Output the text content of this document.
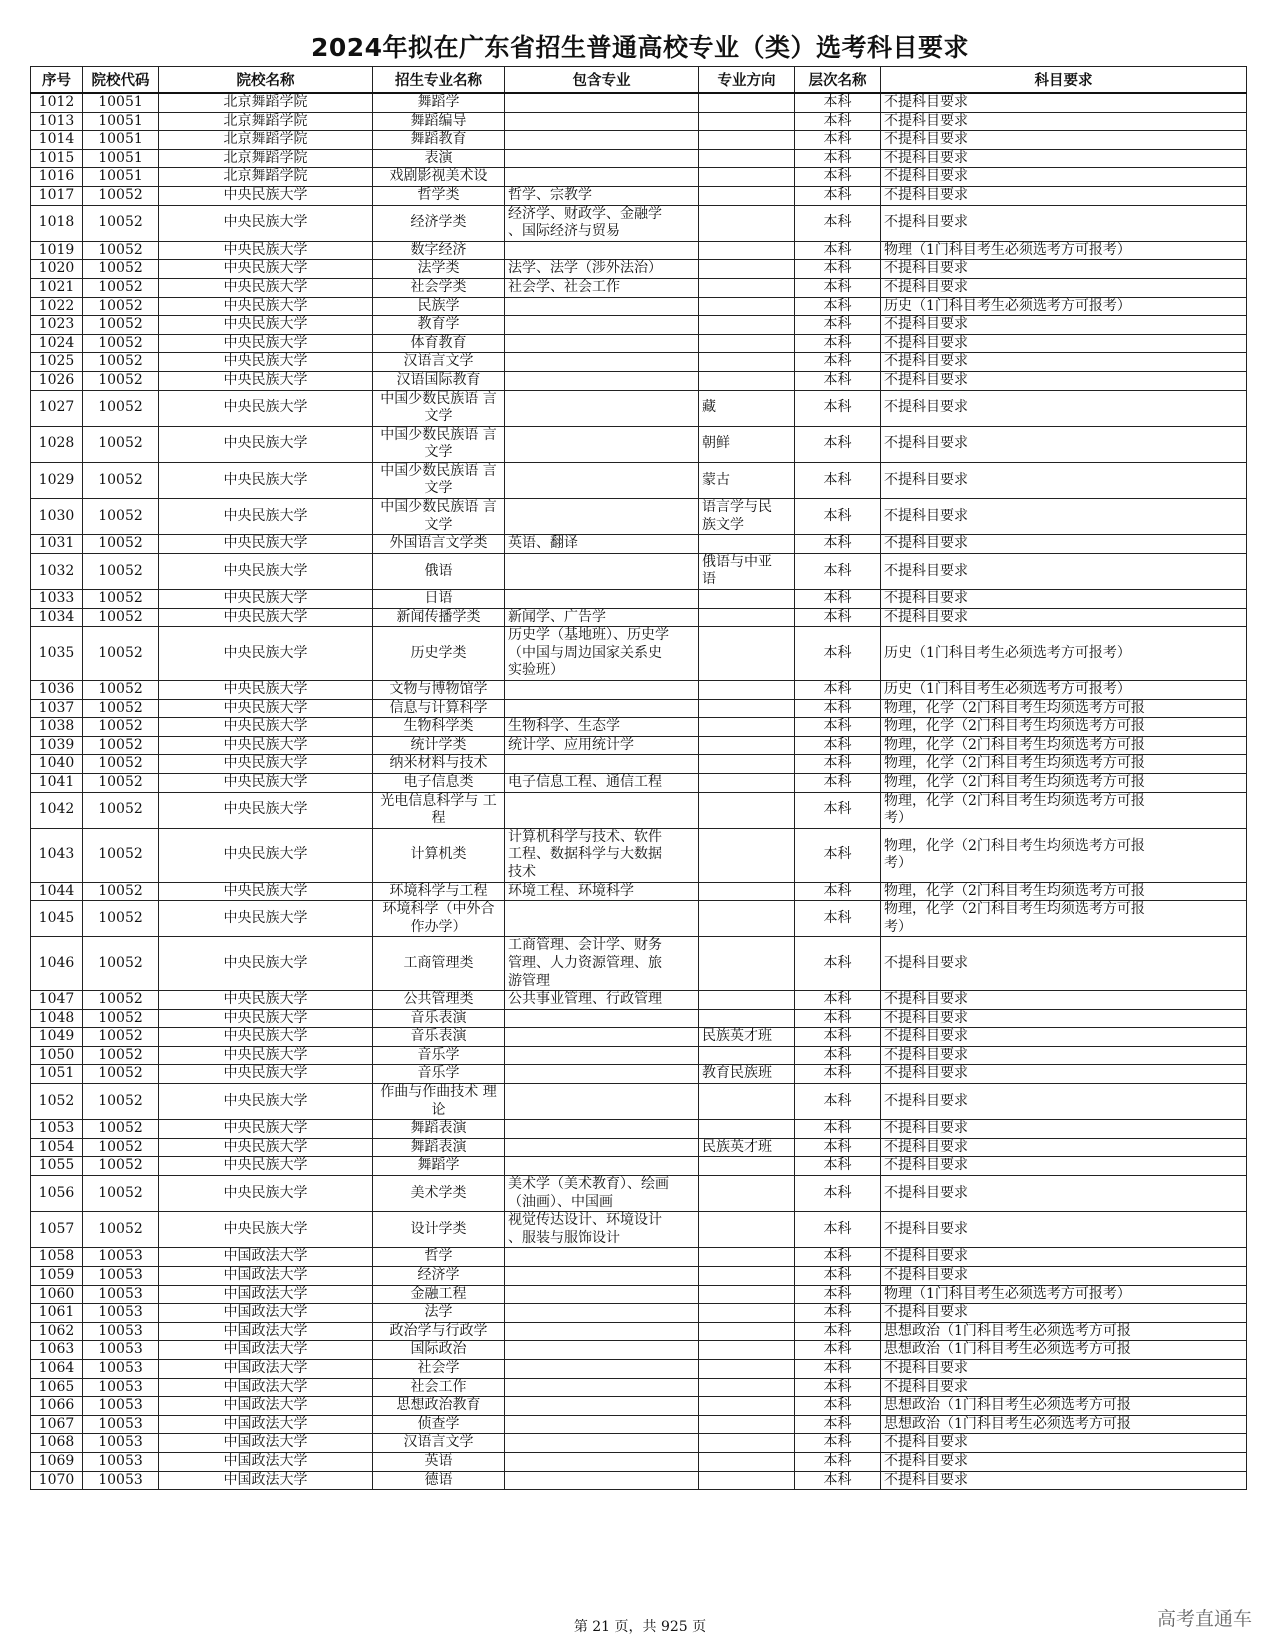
2024年拟在广东省招生普通高校专业（类）选考科目要求
序号	院校代码	院校名称	招生专业名称	包含专业	专业方向	层次名称	科目要求
1012	10051	北京舞蹈学院	舞蹈学			本科	不提科目要求
1013	10051	北京舞蹈学院	舞蹈编导			本科	不提科目要求
1014	10051	北京舞蹈学院	舞蹈教育			本科	不提科目要求
1015	10051	北京舞蹈学院	表演			本科	不提科目要求
1016	10051	北京舞蹈学院	戏剧影视美术设			本科	不提科目要求
1017	10052	中央民族大学	哲学类	哲学、宗教学		本科	不提科目要求
1018	10052	中央民族大学	经济学类	经济学、财政学、金融学
、国际经济与贸易		本科	不提科目要求
1019	10052	中央民族大学	数字经济			本科	物理（1门科目考生必须选考方可报考）
1020	10052	中央民族大学	法学类	法学、法学（涉外法治）		本科	不提科目要求
1021	10052	中央民族大学	社会学类	社会学、社会工作		本科	不提科目要求
1022	10052	中央民族大学	民族学			本科	历史（1门科目考生必须选考方可报考）
1023	10052	中央民族大学	教育学			本科	不提科目要求
1024	10052	中央民族大学	体育教育			本科	不提科目要求
1025	10052	中央民族大学	汉语言文学			本科	不提科目要求
1026	10052	中央民族大学	汉语国际教育			本科	不提科目要求
1027	10052	中央民族大学	中国少数民族语 言文学		藏	本科	不提科目要求
1028	10052	中央民族大学	中国少数民族语 言文学		朝鲜	本科	不提科目要求
1029	10052	中央民族大学	中国少数民族语 言文学		蒙古	本科	不提科目要求
1030	10052	中央民族大学	中国少数民族语 言文学		语言学与民
族文学	本科	不提科目要求
1031	10052	中央民族大学	外国语言文学类	英语、翻译		本科	不提科目要求
1032	10052	中央民族大学	俄语		俄语与中亚
语	本科	不提科目要求
1033	10052	中央民族大学	日语			本科	不提科目要求
1034	10052	中央民族大学	新闻传播学类	新闻学、广告学		本科	不提科目要求
1035	10052	中央民族大学	历史学类	历史学（基地班）、历史学
（中国与周边国家关系史
实验班）		本科	历史（1门科目考生必须选考方可报考）
1036	10052	中央民族大学	文物与博物馆学			本科	历史（1门科目考生必须选考方可报考）
1037	10052	中央民族大学	信息与计算科学			本科	物理，化学（2门科目考生均须选考方可报
1038	10052	中央民族大学	生物科学类	生物科学、生态学		本科	物理，化学（2门科目考生均须选考方可报
1039	10052	中央民族大学	统计学类	统计学、应用统计学		本科	物理，化学（2门科目考生均须选考方可报
1040	10052	中央民族大学	纳米材料与技术			本科	物理，化学（2门科目考生均须选考方可报
1041	10052	中央民族大学	电子信息类	电子信息工程、通信工程		本科	物理，化学（2门科目考生均须选考方可报
1042	10052	中央民族大学	光电信息科学与 工程			本科	物理，化学（2门科目考生均须选考方可报
考）
1043	10052	中央民族大学	计算机类	计算机科学与技术、软件
工程、数据科学与大数据
技术		本科	物理，化学（2门科目考生均须选考方可报
考）
1044	10052	中央民族大学	环境科学与工程	环境工程、环境科学		本科	物理，化学（2门科目考生均须选考方可报
1045	10052	中央民族大学	环境科学（中外合 作办学）			本科	物理，化学（2门科目考生均须选考方可报
考）
1046	10052	中央民族大学	工商管理类	工商管理、会计学、财务
管理、人力资源管理、旅
游管理		本科	不提科目要求
1047	10052	中央民族大学	公共管理类	公共事业管理、行政管理		本科	不提科目要求
1048	10052	中央民族大学	音乐表演			本科	不提科目要求
1049	10052	中央民族大学	音乐表演		民族英才班	本科	不提科目要求
1050	10052	中央民族大学	音乐学			本科	不提科目要求
1051	10052	中央民族大学	音乐学		教育民族班	本科	不提科目要求
1052	10052	中央民族大学	作曲与作曲技术 理论			本科	不提科目要求
1053	10052	中央民族大学	舞蹈表演			本科	不提科目要求
1054	10052	中央民族大学	舞蹈表演		民族英才班	本科	不提科目要求
1055	10052	中央民族大学	舞蹈学			本科	不提科目要求
1056	10052	中央民族大学	美术学类	美术学（美术教育）、绘画
（油画）、中国画		本科	不提科目要求
1057	10052	中央民族大学	设计学类	视觉传达设计、环境设计
、服装与服饰设计		本科	不提科目要求
1058	10053	中国政法大学	哲学			本科	不提科目要求
1059	10053	中国政法大学	经济学			本科	不提科目要求
1060	10053	中国政法大学	金融工程			本科	物理（1门科目考生必须选考方可报考）
1061	10053	中国政法大学	法学			本科	不提科目要求
1062	10053	中国政法大学	政治学与行政学			本科	思想政治（1门科目考生必须选考方可报
1063	10053	中国政法大学	国际政治			本科	思想政治（1门科目考生必须选考方可报
1064	10053	中国政法大学	社会学			本科	不提科目要求
1065	10053	中国政法大学	社会工作			本科	不提科目要求
1066	10053	中国政法大学	思想政治教育			本科	思想政治（1门科目考生必须选考方可报
1067	10053	中国政法大学	侦查学			本科	思想政治（1门科目考生必须选考方可报
1068	10053	中国政法大学	汉语言文学			本科	不提科目要求
1069	10053	中国政法大学	英语			本科	不提科目要求
1070	10053	中国政法大学	德语			本科	不提科目要求
第 21 页，共 925 页	高考直通车
